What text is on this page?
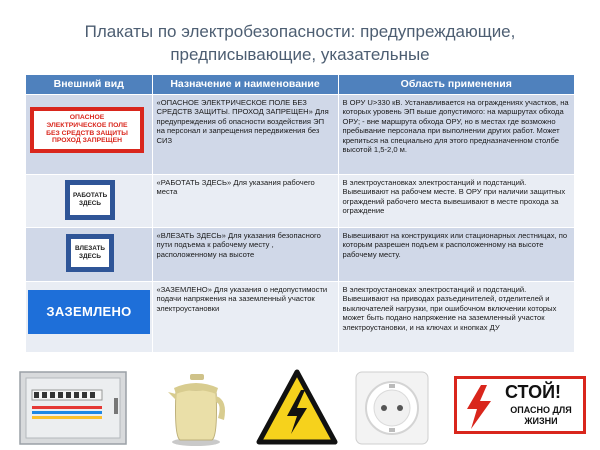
Плакаты по электробезопасности: предупреждающие,
предписывающие, указательные
Внешний вид	Назначение и наименование	Область применения

ОПАСНОЕ ЭЛЕКТРИЧЕСКОЕ ПОЛЕ БЕЗ СРЕДСТВ ЗАЩИТЫ ПРОХОД ЗАПРЕЩЕН	«ОПАСНОЕ ЭЛЕКТРИЧЕСКОЕ ПОЛЕ БЕЗ СРЕДСТВ ЗАЩИТЫ. ПРОХОД ЗАПРЕЩЕН» Для предупреждения об опасности воздействия ЭП на персонал и запрещения передвижения без СИЗ	В ОРУ U>330 кВ. Устанавливается на ограждениях участков, на которых уровень ЭП выше допустимого: на маршрутах обхода ОРУ; - вне маршрута обхода ОРУ, но в местах где возможно пребывание персонала при выполнении других работ. Может крепиться на специально для этого предназначенном столбе высотой 1,5-2,0 м.

РАБОТАТЬ ЗДЕСЬ	«РАБОТАТЬ ЗДЕСЬ» Для указания рабочего места	В электроустановках электростанций и подстанций. Вывешивают на рабочем месте. В ОРУ при наличии защитных ограждений рабочего места вывешивают в месте прохода за ограждение

ВЛЕЗАТЬ ЗДЕСЬ	«ВЛЕЗАТЬ ЗДЕСЬ» Для указания безопасного пути подъема к рабочему месту , расположенному на высоте	Вывешивают на конструкциях или стационарных лестницах, по которым разрешен подъем к расположенному на высоте рабочему месту.

ЗАЗЕМЛЕНО	«ЗАЗЕМЛЕНО» Для указания о недопустимости подачи напряжения на заземленный участок электроустановки	В электроустановках электростанций и подстанций. Вывешивают на приводах разъединителей, отделителей и выключателей нагрузки, при ошибочном включении которых может быть подано напряжение на заземленный участок электроустановки, и на ключах и кнопках ДУ
СТОЙ!
ОПАСНО ДЛЯ ЖИЗНИ
